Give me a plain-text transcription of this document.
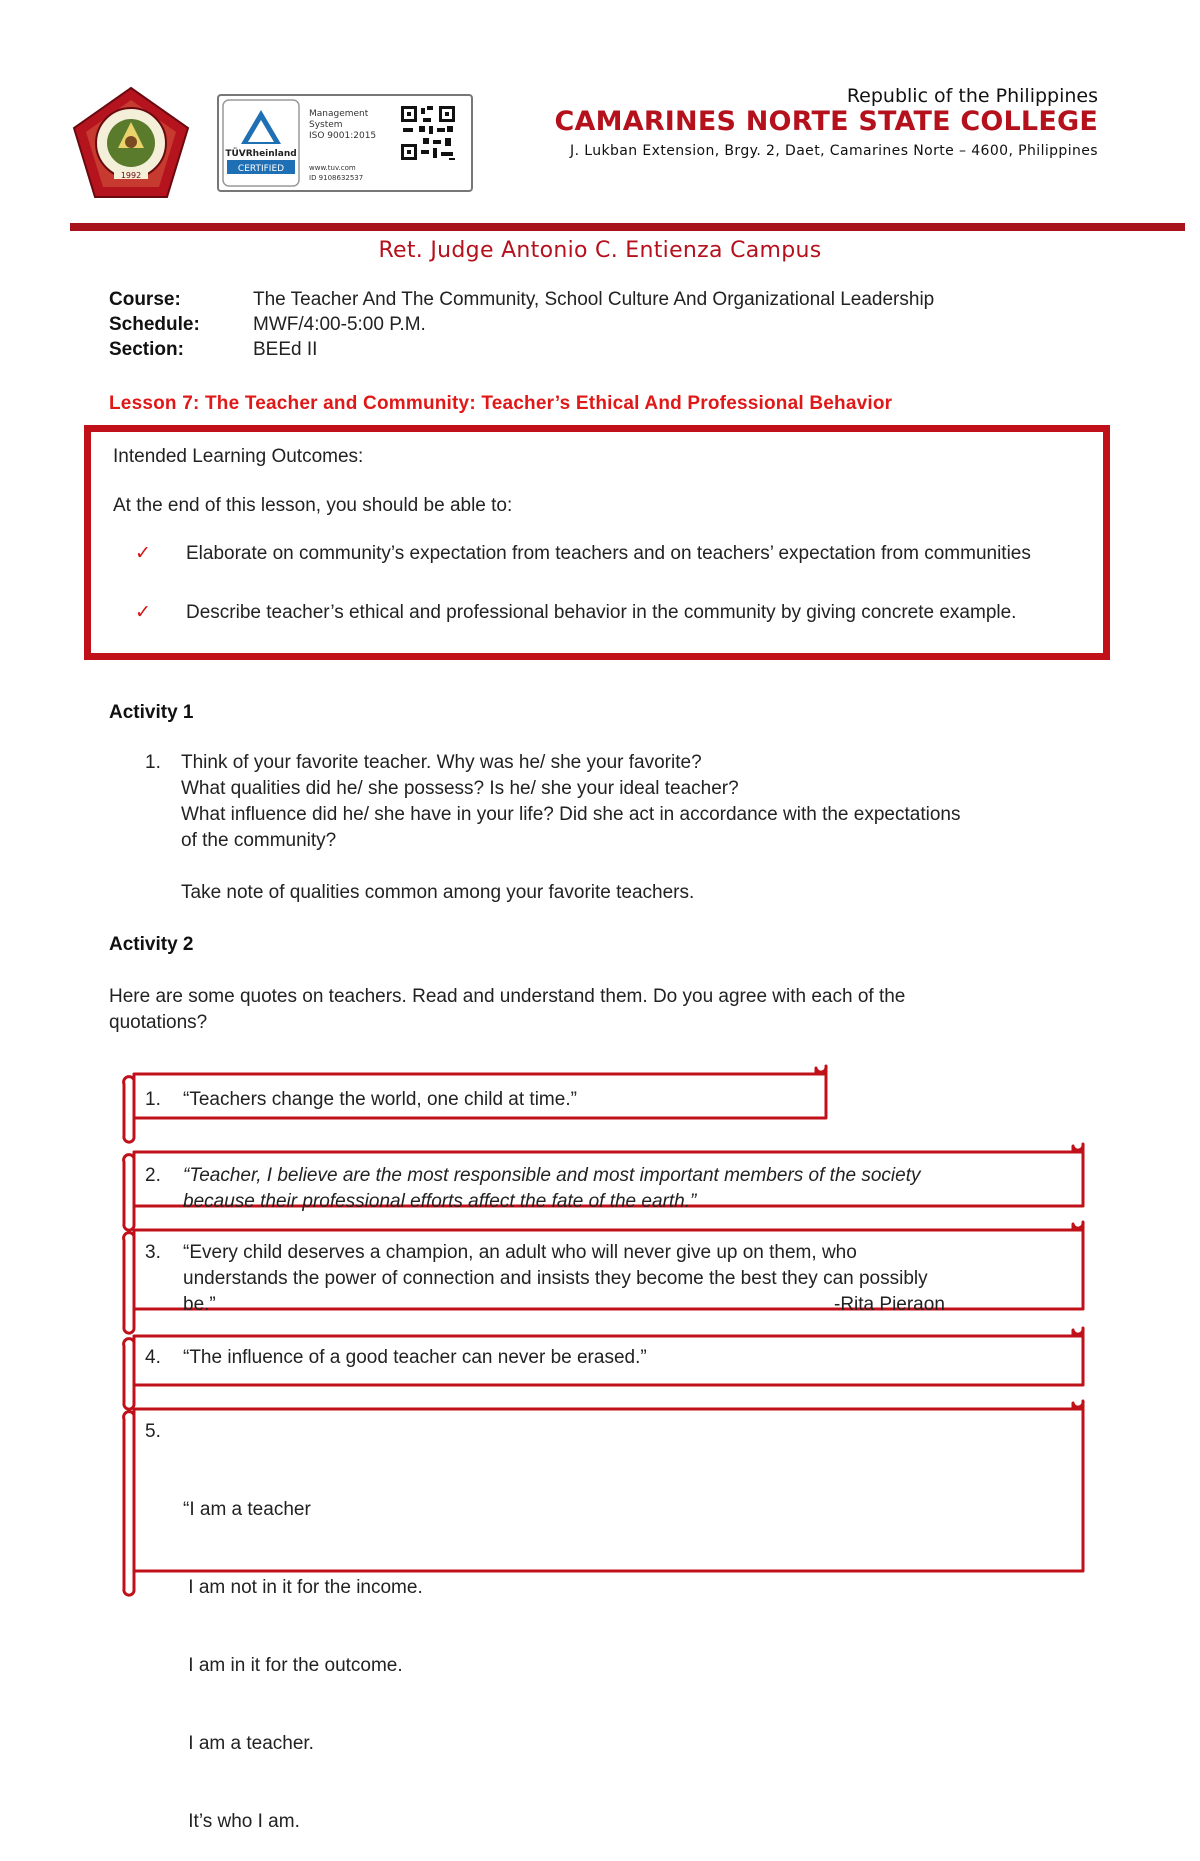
1992
TÜVRheinland
CERTIFIED
Management
System
ISO 9001:2015
www.tuv.com
ID 9108632537
Republic of the Philippines
CAMARINES NORTE STATE COLLEGE
J. Lukban Extension, Brgy. 2, Daet, Camarines Norte – 4600, Philippines
Ret. Judge Antonio C. Entienza Campus
Course:	The Teacher And The Community, School Culture And Organizational Leadership
Schedule:	MWF/4:00-5:00 P.M.
Section:	BEEd II
Lesson 7: The Teacher and Community: Teacher’s Ethical And Professional Behavior
Intended Learning Outcomes:
At the end of this lesson, you should be able to:
✓ Elaborate on community’s expectation from teachers and on teachers’ expectation from communities
✓ Describe teacher’s ethical and professional behavior in the community by giving concrete example.
Activity 1
1. Think of your favorite teacher. Why was he/ she your favorite?
What qualities did he/ she possess? Is he/ she your ideal teacher?
What influence did he/ she have in your life? Did she act in accordance with the expectations
of the community?
Take note of qualities common among your favorite teachers.
Activity 2
Here are some quotes on teachers. Read and understand them. Do you agree with each of the
quotations?
1. “Teachers change the world, one child at time.”
2. “Teacher, I believe are the most responsible and most important members of the society
because their professional efforts affect the fate of the earth.”
3. “Every child deserves a champion, an adult who will never give up on them, who
understands the power of connection and insists they become the best they can possibly
be.”	-Rita Pieraon
4. “The influence of a good teacher can never be erased.”

5.

“I am a teacher

I am not in it for the income.

I am in it for the outcome.

I am a teacher.

It’s who I am.
